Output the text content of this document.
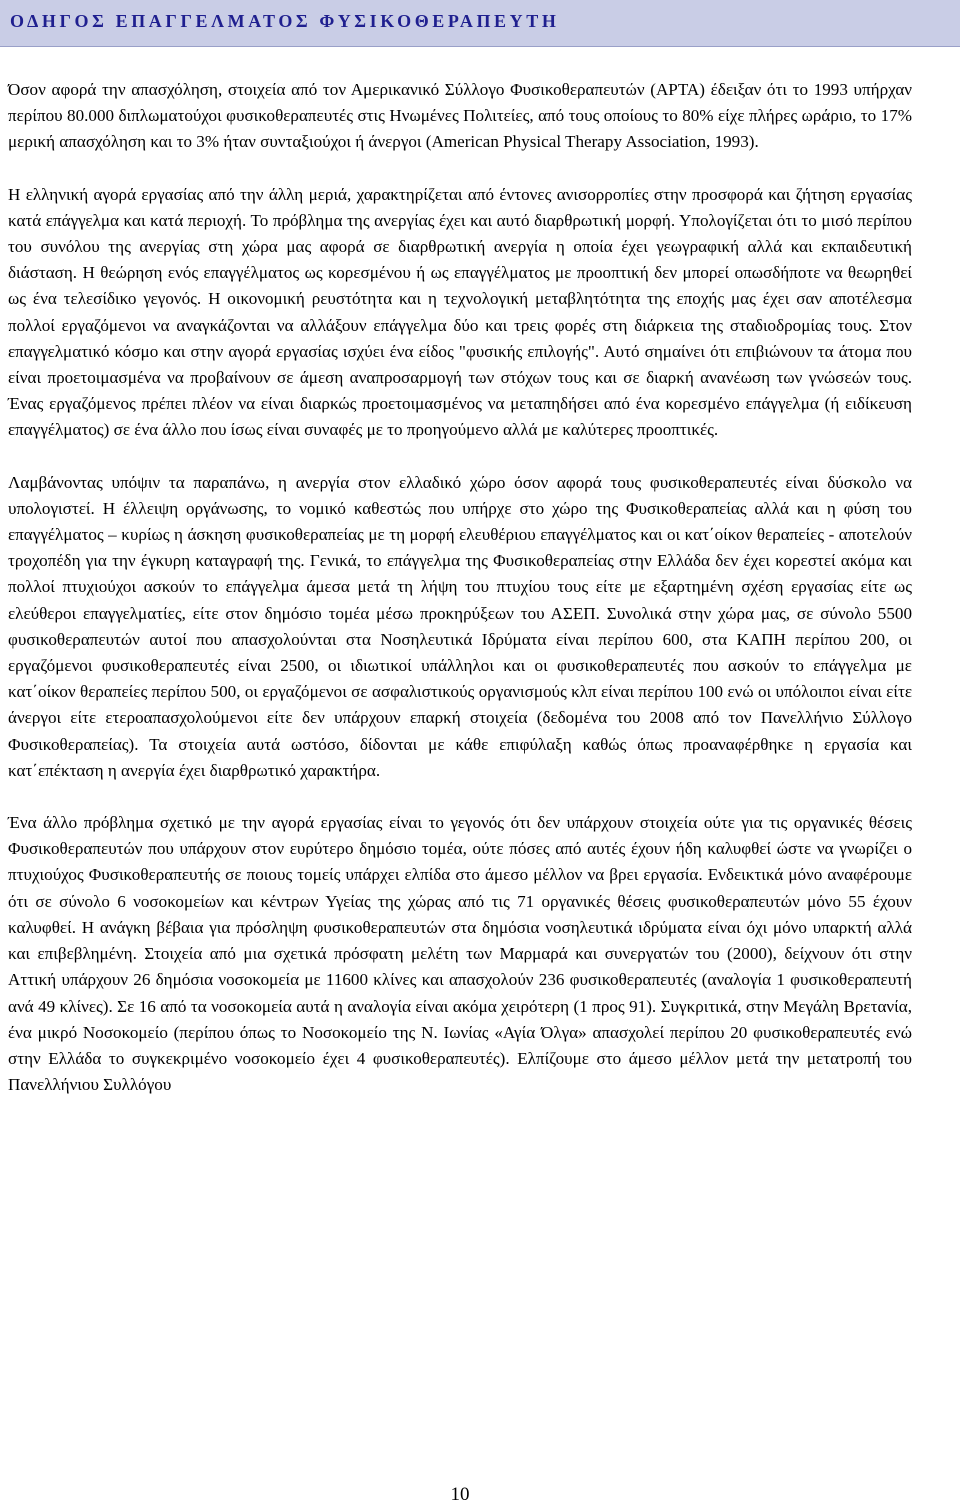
ΟΔΗΓΟΣ ΕΠΑΓΓΕΛΜΑΤΟΣ ΦΥΣΙΚΟΘΕΡΑΠΕΥΤΗ

Όσον αφορά την απασχόληση, στοιχεία από τον Αμερικανικό Σύλλογο Φυσικοθεραπευτών (APTA) έδειξαν ότι το 1993 υπήρχαν περίπου 80.000 διπλωματούχοι φυσικοθεραπευτές στις Ηνωμένες Πολιτείες, από τους οποίους το 80% είχε πλήρες ωράριο, το 17% μερική απασχόληση και το 3% ήταν συνταξιούχοι ή άνεργοι (American Physical Therapy Association, 1993).

Η ελληνική αγορά εργασίας από την άλλη μεριά, χαρακτηρίζεται από έντονες ανισορροπίες στην προσφορά και ζήτηση εργασίας κατά επάγγελμα και κατά περιοχή. Το πρόβλημα της ανεργίας έχει και αυτό διαρθρωτική μορφή. Υπολογίζεται ότι το μισό περίπου του συνόλου της ανεργίας στη χώρα μας αφορά σε διαρθρωτική ανεργία η οποία έχει γεωγραφική αλλά και εκπαιδευτική διάσταση. Η θεώρηση ενός επαγγέλματος ως κορεσμένου ή ως επαγγέλματος με προοπτική δεν μπορεί οπωσδήποτε να θεωρηθεί ως ένα τελεσίδικο γεγονός. Η οικονομική ρευστότητα και η τεχνολογική μεταβλητότητα της εποχής μας έχει σαν αποτέλεσμα πολλοί εργαζόμενοι να αναγκάζονται να αλλάξουν επάγγελμα δύο και τρεις φορές στη διάρκεια της σταδιοδρομίας τους. Στον επαγγελματικό κόσμο και στην αγορά εργασίας ισχύει ένα είδος "φυσικής επιλογής". Αυτό σημαίνει ότι επιβιώνουν τα άτομα που είναι προετοιμασμένα να προβαίνουν σε άμεση αναπροσαρμογή των στόχων τους και σε διαρκή ανανέωση των γνώσεών τους. Ένας εργαζόμενος πρέπει πλέον να είναι διαρκώς προετοιμασμένος να μεταπηδήσει από ένα κορεσμένο επάγγελμα (ή ειδίκευση επαγγέλματος) σε ένα άλλο που ίσως είναι συναφές με το προηγούμενο αλλά με καλύτερες προοπτικές.

Λαμβάνοντας υπόψιν τα παραπάνω, η ανεργία στον ελλαδικό χώρο όσον αφορά τους φυσικοθεραπευτές είναι δύσκολο να υπολογιστεί. Η έλλειψη οργάνωσης, το νομικό καθεστώς που υπήρχε στο χώρο της Φυσικοθεραπείας αλλά και η φύση του επαγγέλματος – κυρίως η άσκηση φυσικοθεραπείας με τη μορφή ελευθέριου επαγγέλματος και οι κατ΄οίκον θεραπείες - αποτελούν τροχοπέδη για την έγκυρη καταγραφή της. Γενικά, το επάγγελμα της Φυσικοθεραπείας στην Ελλάδα δεν έχει κορεστεί ακόμα και πολλοί πτυχιούχοι ασκούν το επάγγελμα άμεσα μετά τη λήψη του πτυχίου τους είτε με εξαρτημένη σχέση εργασίας είτε ως ελεύθεροι επαγγελματίες, είτε στον δημόσιο τομέα μέσω προκηρύξεων του ΑΣΕΠ. Συνολικά στην χώρα μας, σε σύνολο 5500 φυσικοθεραπευτών αυτοί που απασχολούνται στα Νοσηλευτικά Ιδρύματα είναι περίπου 600, στα ΚΑΠΗ περίπου 200, οι εργαζόμενοι φυσικοθεραπευτές είναι 2500, οι ιδιωτικοί υπάλληλοι και οι φυσικοθεραπευτές που ασκούν το επάγγελμα με κατ΄οίκον θεραπείες περίπου 500, οι εργαζόμενοι σε ασφαλιστικούς οργανισμούς κλπ είναι περίπου 100 ενώ οι υπόλοιποι είναι είτε άνεργοι είτε ετεροαπασχολούμενοι είτε δεν υπάρχουν επαρκή στοιχεία (δεδομένα του 2008 από τον Πανελλήνιο Σύλλογο Φυσικοθεραπείας). Τα στοιχεία αυτά ωστόσο, δίδονται με κάθε επιφύλαξη καθώς όπως προαναφέρθηκε η εργασία και κατ΄επέκταση η ανεργία έχει διαρθρωτικό χαρακτήρα.

Ένα άλλο πρόβλημα σχετικό με την αγορά εργασίας είναι το γεγονός ότι δεν υπάρχουν στοιχεία ούτε για τις οργανικές θέσεις Φυσικοθεραπευτών που υπάρχουν στον ευρύτερο δημόσιο τομέα, ούτε πόσες από αυτές έχουν ήδη καλυφθεί ώστε να γνωρίζει ο πτυχιούχος Φυσικοθεραπευτής σε ποιους τομείς υπάρχει ελπίδα στο άμεσο μέλλον να βρει εργασία. Ενδεικτικά μόνο αναφέρουμε ότι σε σύνολο 6 νοσοκομείων και κέντρων Υγείας της χώρας από τις 71 οργανικές θέσεις φυσικοθεραπευτών μόνο 55 έχουν καλυφθεί. Η ανάγκη βέβαια για πρόσληψη φυσικοθεραπευτών στα δημόσια νοσηλευτικά ιδρύματα είναι όχι μόνο υπαρκτή αλλά και επιβεβλημένη. Στοιχεία από μια σχετικά πρόσφατη μελέτη των Μαρμαρά και συνεργατών του (2000), δείχνουν ότι στην Αττική υπάρχουν 26 δημόσια νοσοκομεία με 11600 κλίνες και απασχολούν 236 φυσικοθεραπευτές (αναλογία 1 φυσικοθεραπευτή ανά 49 κλίνες). Σε 16 από τα νοσοκομεία αυτά η αναλογία είναι ακόμα χειρότερη (1 προς 91). Συγκριτικά, στην Μεγάλη Βρετανία, ένα μικρό Νοσοκομείο (περίπου όπως το Νοσοκομείο της Ν. Ιωνίας «Αγία Όλγα» απασχολεί περίπου 20 φυσικοθεραπευτές ενώ στην Ελλάδα το συγκεκριμένο νοσοκομείο έχει 4 φυσικοθεραπευτές). Ελπίζουμε στο άμεσο μέλλον μετά την μετατροπή του Πανελλήνιου Συλλόγου

10
